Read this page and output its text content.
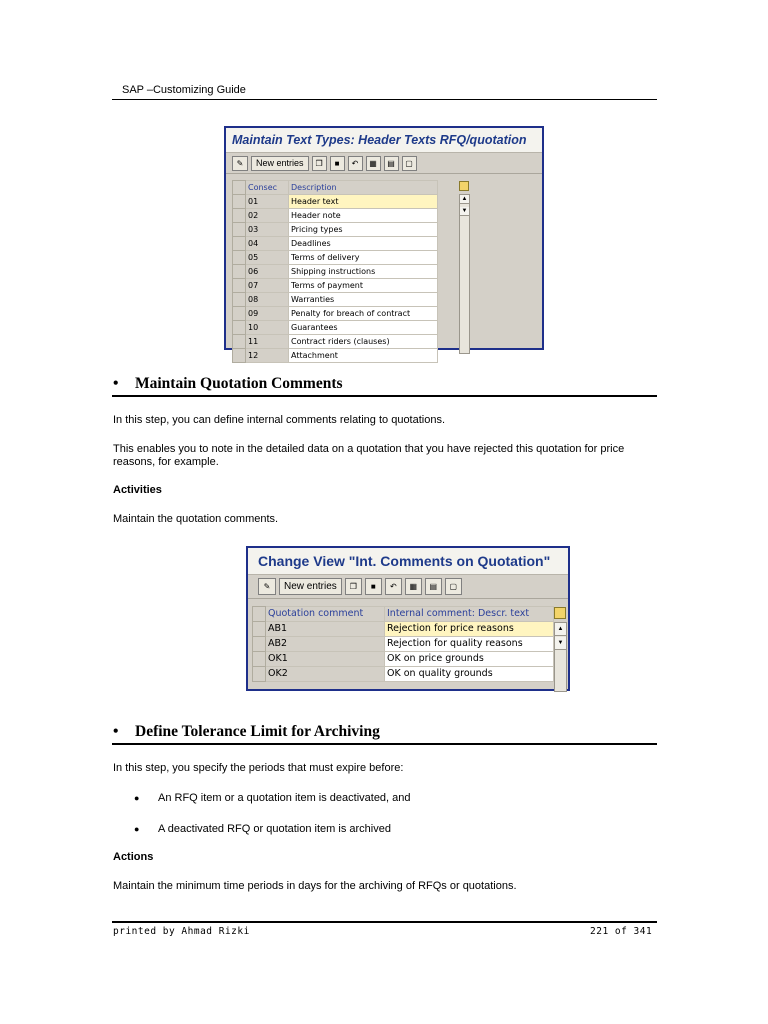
SAP –Customizing Guide
Maintain Text Types: Header Texts RFQ/quotation
✎	New entries	❐	■	↶	▦	▤	▢
	Consec	Description
	01	Header text
	02	Header note
	03	Pricing types
	04	Deadlines
	05	Terms of delivery
	06	Shipping instructions
	07	Terms of payment
	08	Warranties
	09	Penalty for breach of contract
	10	Guarantees
	11	Contract riders (clauses)
	12	Attachment
▲
▼
• Maintain Quotation Comments
In this step, you can define internal comments relating to quotations.
This enables you to note in the detailed data on a quotation that you have rejected this quotation for price reasons, for example.
Activities
Maintain the quotation comments.
Change View "Int. Comments on Quotation"
✎	New entries	❐	■	↶	▦	▤	▢
	Quotation comment	Internal comment: Descr. text
	AB1	Rejection for price reasons
	AB2	Rejection for quality reasons
	OK1	OK on price grounds
	OK2	OK on quality grounds
▲
▼
• Define Tolerance Limit for Archiving
In this step, you specify the periods that must expire before:
● An RFQ item or a quotation item is deactivated, and
● A deactivated RFQ or quotation item is archived
Actions
Maintain the minimum time periods in days for the archiving of RFQs or quotations.
printed by Ahmad Rizki	221 of 341
